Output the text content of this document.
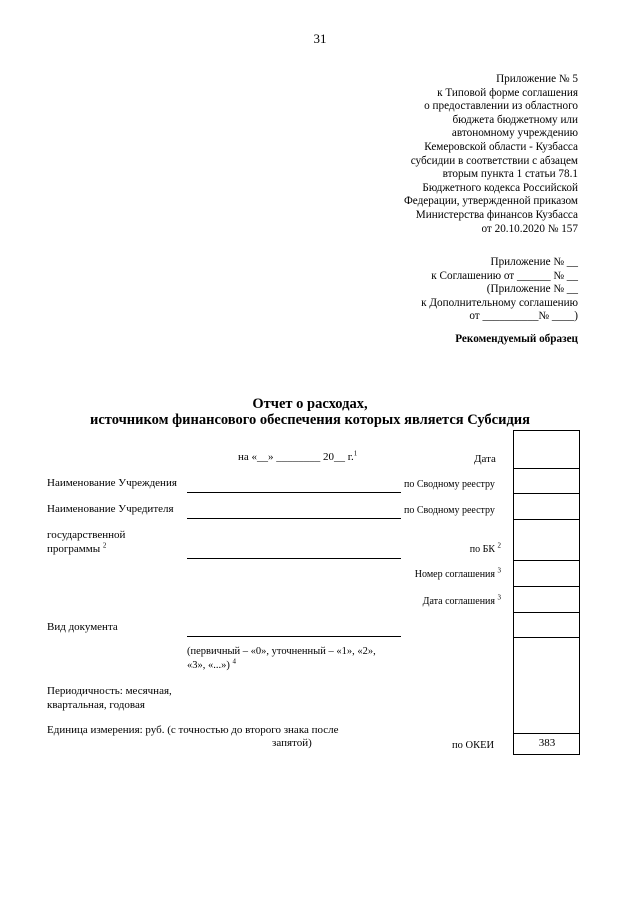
31
Приложение № 5
к Типовой форме соглашения
о предоставлении из областного
бюджета бюджетному или
автономному учреждению
Кемеровской области - Кузбасса
субсидии в соответствии с абзацем
вторым пункта 1 статьи 78.1
Бюджетного кодекса Российской
Федерации, утвержденной приказом
Министерства финансов Кузбасса
от 20.10.2020 № 157
Приложение № __
к Соглашению от ______ № __
(Приложение № __
к Дополнительному соглашению
от __________№ ____)
Рекомендуемый образец
Отчет о расходах,
источником финансового обеспечения которых является Субсидия
на «__» ________ 20__ г.$^1$	Дата
Наименование Учреждения	по Сводному реестру
Наименование Учредителя	по Сводному реестру
государственной
программы $^2$	по БК $^2$
Номер соглашения $^3$
Дата соглашения $^3$
Вид документа
(первичный – «0», уточненный – «1», «2»,
«3», «...») $^4$
Периодичность: месячная,
квартальная, годовая
Единица измерения: руб. (с точностью до второго знака после
запятой)	по ОКЕИ	383
